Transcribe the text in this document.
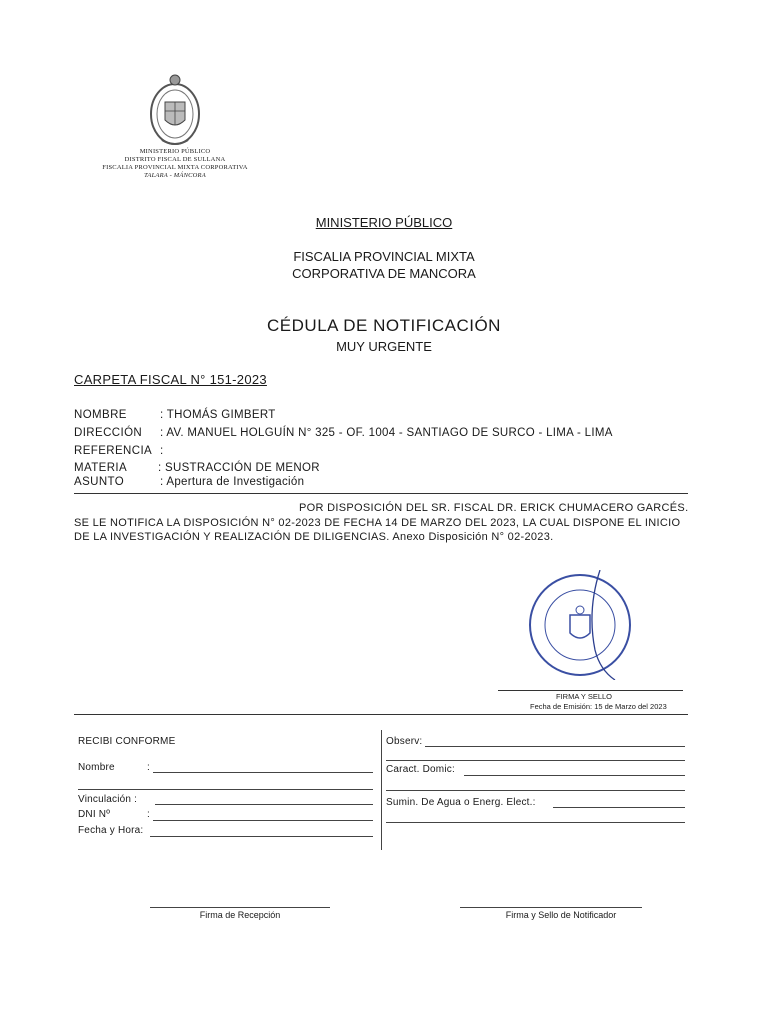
MINISTERIO PÚBLICO
DISTRITO FISCAL DE SULLANA
FISCALIA PROVINCIAL MIXTA CORPORATIVA
TALARA - MÁNCORA
MINISTERIO PÚBLICO
FISCALIA PROVINCIAL MIXTA
CORPORATIVA DE MANCORA
CÉDULA DE NOTIFICACIÓN
MUY URGENTE
CARPETA FISCAL N° 151-2023
NOMBRE	: THOMÁS GIMBERT
DIRECCIÓN : AV. MANUEL HOLGUÍN N° 325 - OF. 1004 - SANTIAGO DE SURCO - LIMA - LIMA
REFERENCIA :
MATERIA	: SUSTRACCIÓN DE MENOR
ASUNTO	: Apertura de Investigación
POR DISPOSICIÓN DEL SR. FISCAL DR. ERICK CHUMACERO GARCÉS.
SE LE NOTIFICA LA DISPOSICIÓN N° 02-2023 DE FECHA 14 DE MARZO DEL 2023, LA CUAL DISPONE EL INICIO
DE LA INVESTIGACIÓN Y REALIZACIÓN DE DILIGENCIAS. Anexo Disposición N° 02-2023.
FIRMA Y SELLO
Fecha de Emisión: 15 de Marzo del 2023
RECIBI CONFORME
Nombre	:
Vinculación :
DNI Nº	:
Fecha y Hora:
Observ:
Caract. Domic:
Sumin. De Agua o Energ. Elect.:
Firma de Recepción	Firma y Sello de Notificador
